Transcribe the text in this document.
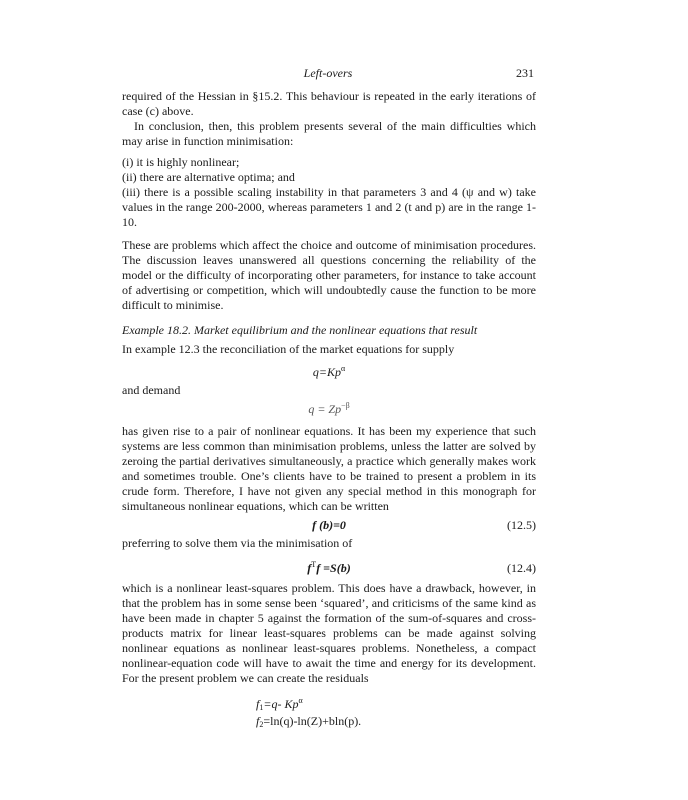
Left-overs	231

required of the Hessian in §15.2. This behaviour is repeated in the early iterations of case (c) above.

In conclusion, then, this problem presents several of the main difficulties which may arise in function minimisation:

(i) it is highly nonlinear;

(ii) there are alternative optima; and

(iii) there is a possible scaling instability in that parameters 3 and 4 (ψ and w) take values in the range 200-2000, whereas parameters 1 and 2 (t and p) are in the range 1-10.

These are problems which affect the choice and outcome of minimisation procedures. The discussion leaves unanswered all questions concerning the reliability of the model or the difficulty of incorporating other parameters, for instance to take account of advertising or competition, which will undoubtedly cause the function to be more difficult to minimise.

Example 18.2. Market equilibrium and the nonlinear equations that result

In example 12.3 the reconciliation of the market equations for supply

$q=Kp^\alpha$

and demand

$q = Zp^{-\beta}$

has given rise to a pair of nonlinear equations. It has been my experience that such systems are less common than minimisation problems, unless the latter are solved by zeroing the partial derivatives simultaneously, a practice which generally makes work and sometimes trouble. One’s clients have to be trained to present a problem in its crude form. Therefore, I have not given any special method in this monograph for simultaneous nonlinear equations, which can be written

f (b)=0	(12.5)

preferring to solve them via the minimisation of

$f^Tf =S(b)$	(12.4)

which is a nonlinear least-squares problem. This does have a drawback, however, in that the problem has in some sense been ‘squared’, and criticisms of the same kind as have been made in chapter 5 against the formation of the sum-of-squares and cross-products matrix for linear least-squares problems can be made against solving nonlinear equations as nonlinear least-squares problems. Nonetheless, a compact nonlinear-equation code will have to await the time and energy for its development. For the present problem we can create the residuals

$f_1=q-$ $Kp^\alpha$
$f_2=\ln(q)-\ln(Z)+bln(p)$.
